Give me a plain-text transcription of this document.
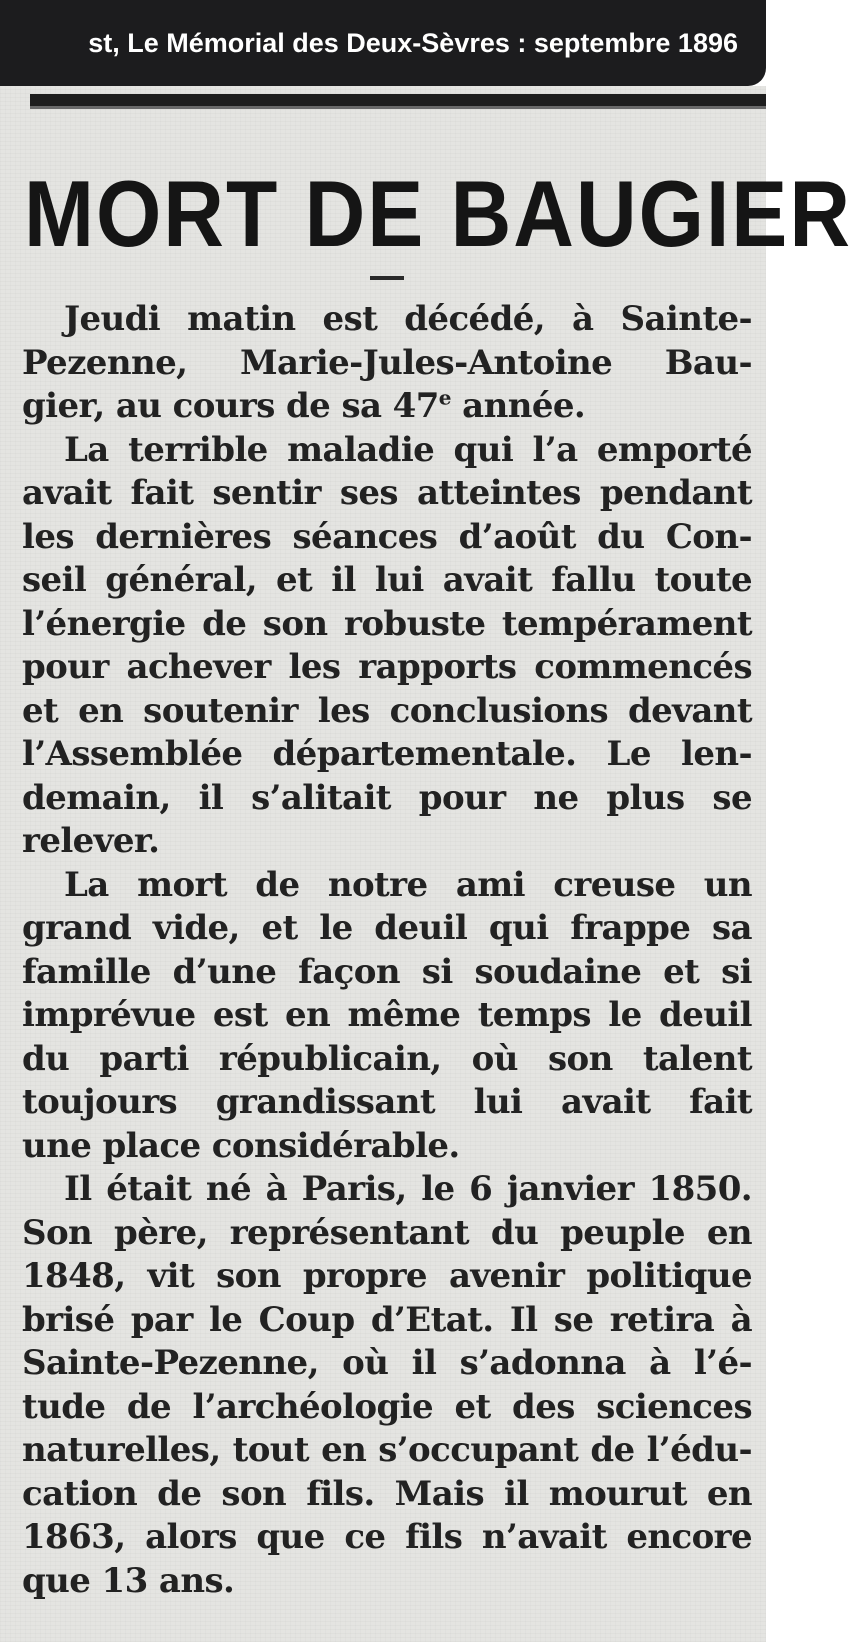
st, Le Mémorial des Deux-Sèvres : septembre 1896
MORT DE BAUGIER
Jeudi matin est décédé, à Sainte-
Pezenne, Marie-Jules-Antoine Bau-
gier, au cours de sa 47e année.
La terrible maladie qui l’a emporté
avait fait sentir ses atteintes pendant
les dernières séances d’août du Con-
seil général, et il lui avait fallu toute
l’énergie de son robuste tempérament
pour achever les rapports commencés
et en soutenir les conclusions devant
l’Assemblée départementale. Le len-
demain, il s’alitait pour ne plus se
relever.
La mort de notre ami creuse un
grand vide, et le deuil qui frappe sa
famille d’une façon si soudaine et si
imprévue est en même temps le deuil
du parti républicain, où son talent
toujours grandissant lui avait fait
une place considérable.
Il était né à Paris, le 6 janvier 1850.
Son père, représentant du peuple en
1848, vit son propre avenir politique
brisé par le Coup d’Etat. Il se retira à
Sainte-Pezenne, où il s’adonna à l’é-
tude de l’archéologie et des sciences
naturelles, tout en s’occupant de l’édu-
cation de son fils. Mais il mourut en
1863, alors que ce fils n’avait encore
que 13 ans.
